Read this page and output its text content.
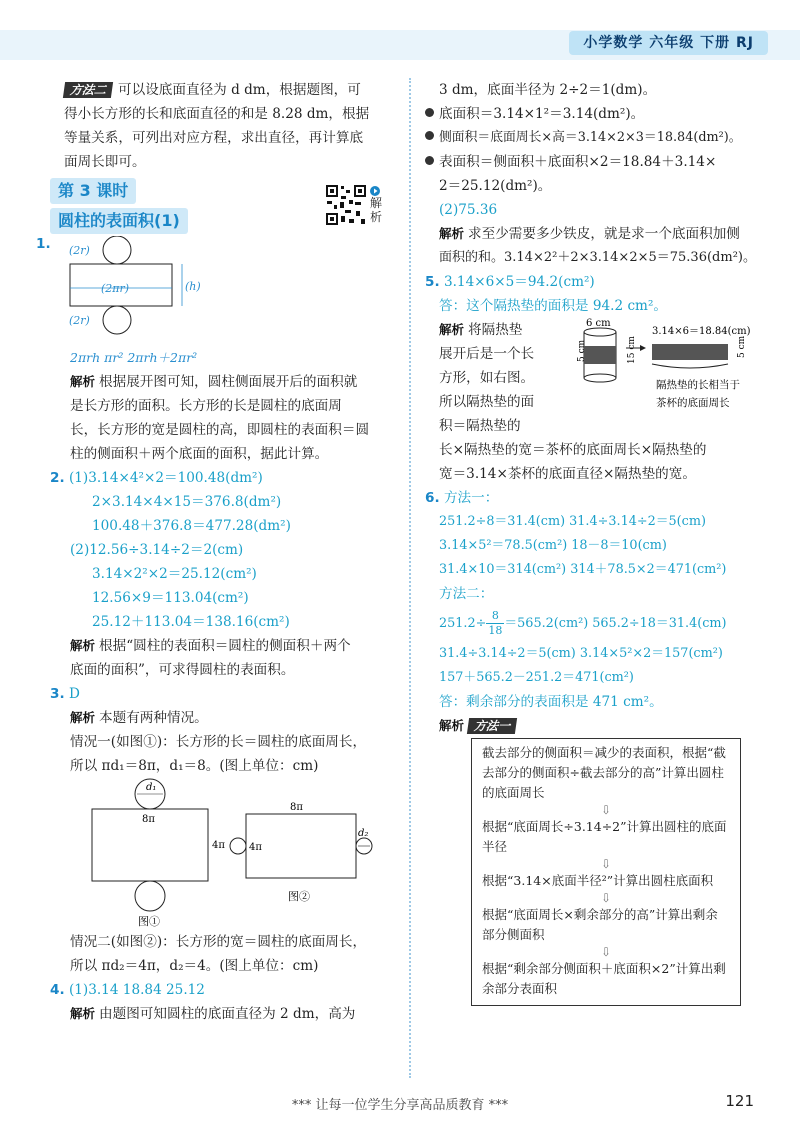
小学数学 六年级 下册 RJ

方法二 可以设底面直径为 d dm，根据题图，可

得小长方形的长和底面直径的和是 8.28 dm，根据

等量关系，可列出对应方程，求出直径，再计算底

面周长即可。

第 3 课时
圆柱的表面积(1)
解析
1. (2r)
(2πr)	(h)
(2r)

2πrh πr² 2πrh＋2πr²

解析 根据展开图可知，圆柱侧面展开后的面积就

是长方形的面积。长方形的长是圆柱的底面周

长，长方形的宽是圆柱的高，即圆柱的表面积＝圆

柱的侧面积＋两个底面的面积，据此计算。

2. (1)3.14×4²×2＝100.48(dm²)

2×3.14×4×15＝376.8(dm²)

100.48＋376.8＝477.28(dm²)

(2)12.56÷3.14÷2＝2(cm)

3.14×2²×2＝25.12(cm²)

12.56×9＝113.04(cm²)

25.12＋113.04＝138.16(cm²)

解析 根据“圆柱的表面积＝圆柱的侧面积＋两个

底面的面积”，可求得圆柱的表面积。

3. D

解析 本题有两种情况。

情况一(如图①)：长方形的长＝圆柱的底面周长，

所以 πd₁＝8π，d₁＝8。(图上单位：cm)

d₁
8π
4π
图①
8π
4π
d₂
图②

情况二(如图②)：长方形的宽＝圆柱的底面周长，

所以 πd₂＝4π，d₂＝4。(图上单位：cm)

4. (1)3.14 18.84 25.12

解析 由题图可知圆柱的底面直径为 2 dm，高为

3 dm，底面半径为 2÷2＝1(dm)。

底面积＝3.14×1²＝3.14(dm²)。

侧面积＝底面周长×高＝3.14×2×3＝18.84(dm²)。

表面积＝侧面积＋底面积×2＝18.84＋3.14×

2＝25.12(dm²)。

(2)75.36

解析 求至少需要多少铁皮，就是求一个底面积加侧

面积的和。3.14×2²＋2×3.14×2×5＝75.36(dm²)。

5. 3.14×6×5＝94.2(cm²)

答：这个隔热垫的面积是 94.2 cm²。

解析 将隔热垫

展开后是一个长

方形，如右图。

所以隔热垫的面

积＝隔热垫的

6 cm
5 cm	15 cm
3.14×6＝18.84(cm)
5 cm
隔热垫的长相当于
茶杯的底面周长

长×隔热垫的宽＝茶杯的底面周长×隔热垫的

宽＝3.14×茶杯的底面直径×隔热垫的宽。

6. 方法一：

251.2÷8＝31.4(cm) 31.4÷3.14÷2＝5(cm)

3.14×5²＝78.5(cm²) 18－8＝10(cm)

31.4×10＝314(cm²) 314＋78.5×2＝471(cm²)

方法二：

$251.2\div \frac{8}{18} =565.2(cm^2)$ 565.2÷18＝31.4(cm)

31.4÷3.14÷2＝5(cm) 3.14×5²×2＝157(cm²)

157＋565.2－251.2＝471(cm²)

答：剩余部分的表面积是 471 cm²。

解析 方法一

截去部分的侧面积＝减少的表面积，根据“截去部分的侧面积÷截去部分的高”计算出圆柱的底面周长
⇩
根据“底面周长÷3.14÷2”计算出圆柱的底面半径
⇩
根据“3.14×底面半径²”计算出圆柱底面积
⇩
根据“底面周长×剩余部分的高”计算出剩余部分侧面积
⇩
根据“剩余部分侧面积＋底面积×2”计算出剩余部分表面积
*** 让每一位学生分享高品质教育 ***	121
